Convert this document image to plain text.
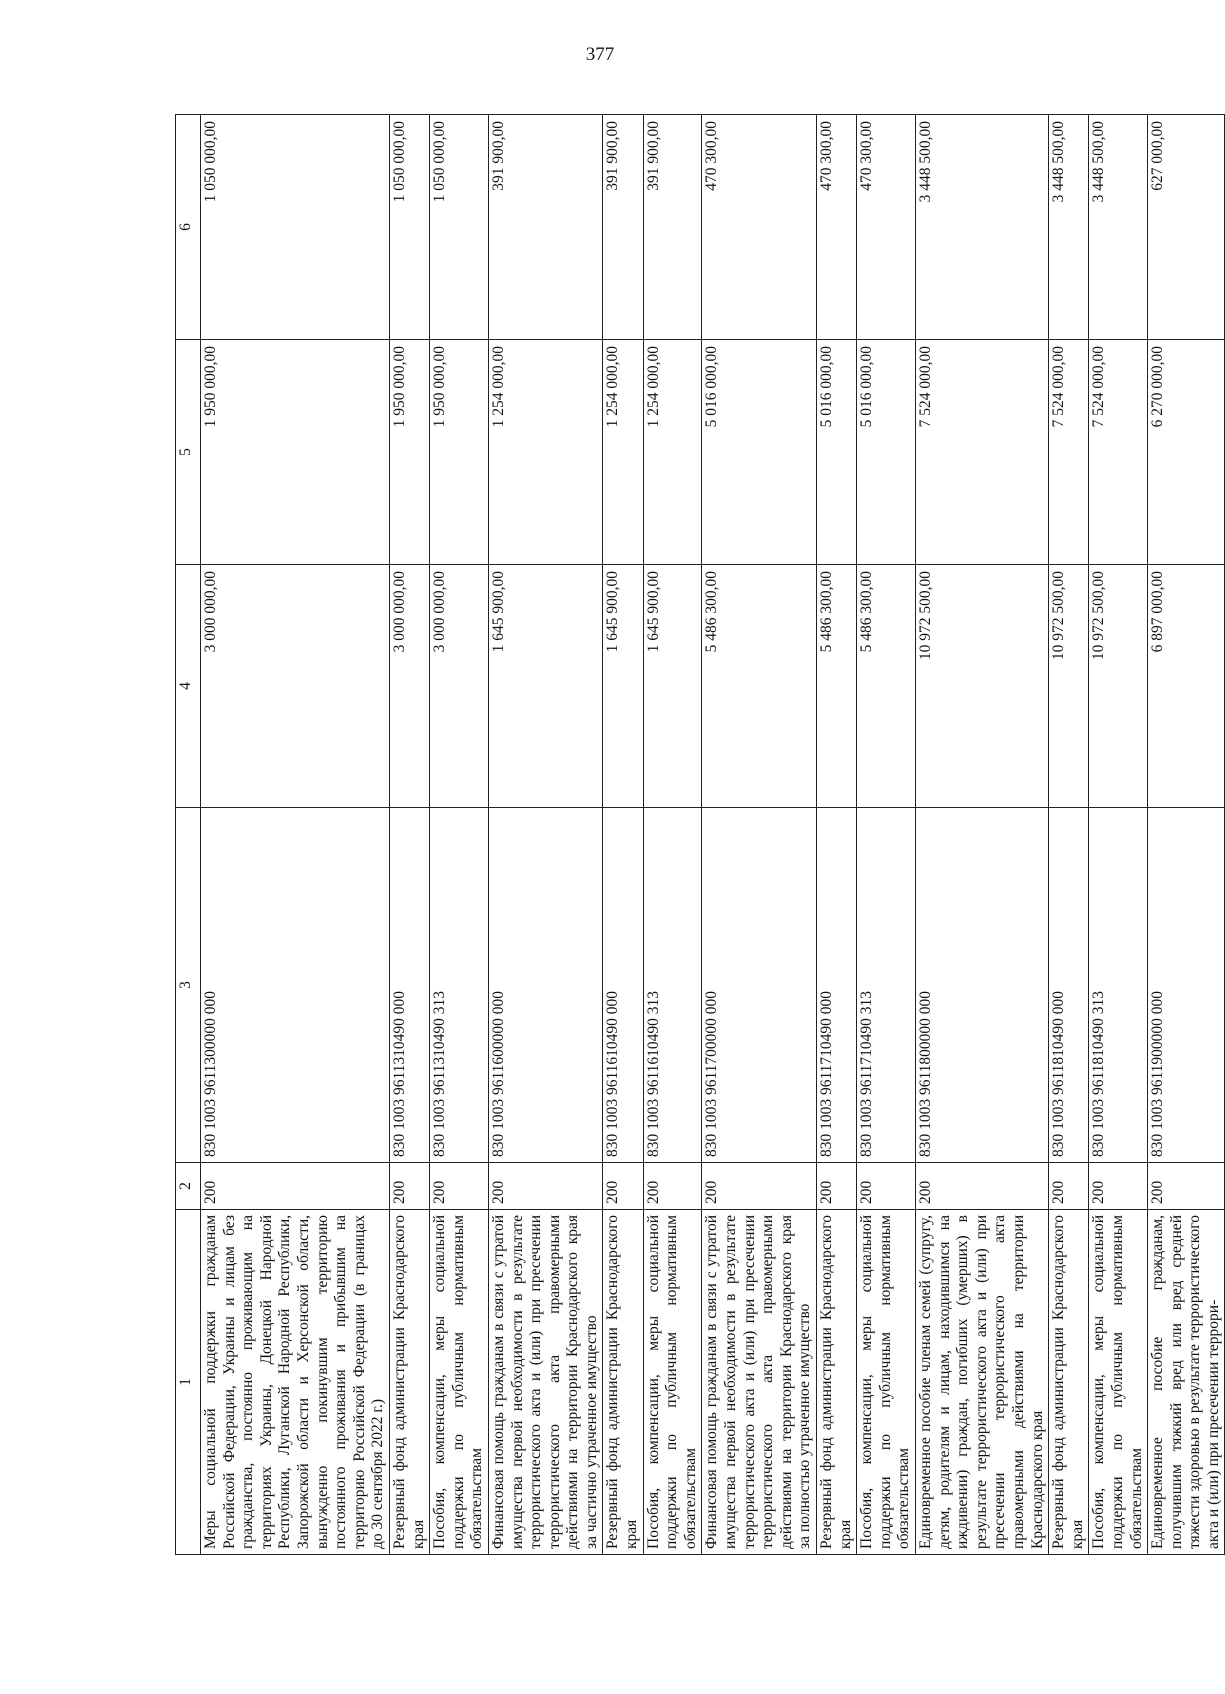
377
1	2	3	4	5	6
Меры социальной поддержки гражданам Российской Федерации, Украины и лицам без гражданства, постоянно проживающим на территориях Украины, Донецкой Народной Республики, Луганской Народной Республики, Запорожской области и Херсонской области, вынужденно покинувшим территорию постоянного проживания и прибывшим на территорию Российской Федерации (в границах до 30 сентября 2022 г.)	200	830 1003 9611300000 000	3 000 000,00	1 950 000,00	1 050 000,00
Резервный фонд администрации Краснодарского края	200	830 1003 9611310490 000	3 000 000,00	1 950 000,00	1 050 000,00
Пособия, компенсации, меры социальной поддержки по публичным нормативным обязательствам	200	830 1003 9611310490 313	3 000 000,00	1 950 000,00	1 050 000,00
Финансовая помощь гражданам в связи с утратой имущества первой необходимости в результате террористического акта и (или) при пресечении террористического акта правомерными действиями на территории Краснодарского края за частично утраченное имущество	200	830 1003 9611600000 000	1 645 900,00	1 254 000,00	391 900,00
Резервный фонд администрации Краснодарского края	200	830 1003 9611610490 000	1 645 900,00	1 254 000,00	391 900,00
Пособия, компенсации, меры социальной поддержки по публичным нормативным обязательствам	200	830 1003 9611610490 313	1 645 900,00	1 254 000,00	391 900,00
Финансовая помощь гражданам в связи с утратой имущества первой необходимости в результате террористического акта и (или) при пресечении террористического акта правомерными действиями на территории Краснодарского края за полностью утраченное имущество	200	830 1003 9611700000 000	5 486 300,00	5 016 000,00	470 300,00
Резервный фонд администрации Краснодарского края	200	830 1003 9611710490 000	5 486 300,00	5 016 000,00	470 300,00
Пособия, компенсации, меры социальной поддержки по публичным нормативным обязательствам	200	830 1003 9611710490 313	5 486 300,00	5 016 000,00	470 300,00
Единовременное пособие членам семей (супругу, детям, родителям и лицам, находившимся на иждивении) граждан, погибших (умерших) в результате террористического акта и (или) при пресечении террористического акта правомерными действиями на территории Краснодарского края	200	830 1003 9611800000 000	10 972 500,00	7 524 000,00	3 448 500,00
Резервный фонд администрации Краснодарского края	200	830 1003 9611810490 000	10 972 500,00	7 524 000,00	3 448 500,00
Пособия, компенсации, меры социальной поддержки по публичным нормативным обязательствам	200	830 1003 9611810490 313	10 972 500,00	7 524 000,00	3 448 500,00
Единовременное пособие гражданам, получившим тяжкий вред или вред средней тяжести здоровью в результате террористического акта и (или) при пресечении террори-	200	830 1003 9611900000 000	6 897 000,00	6 270 000,00	627 000,00
